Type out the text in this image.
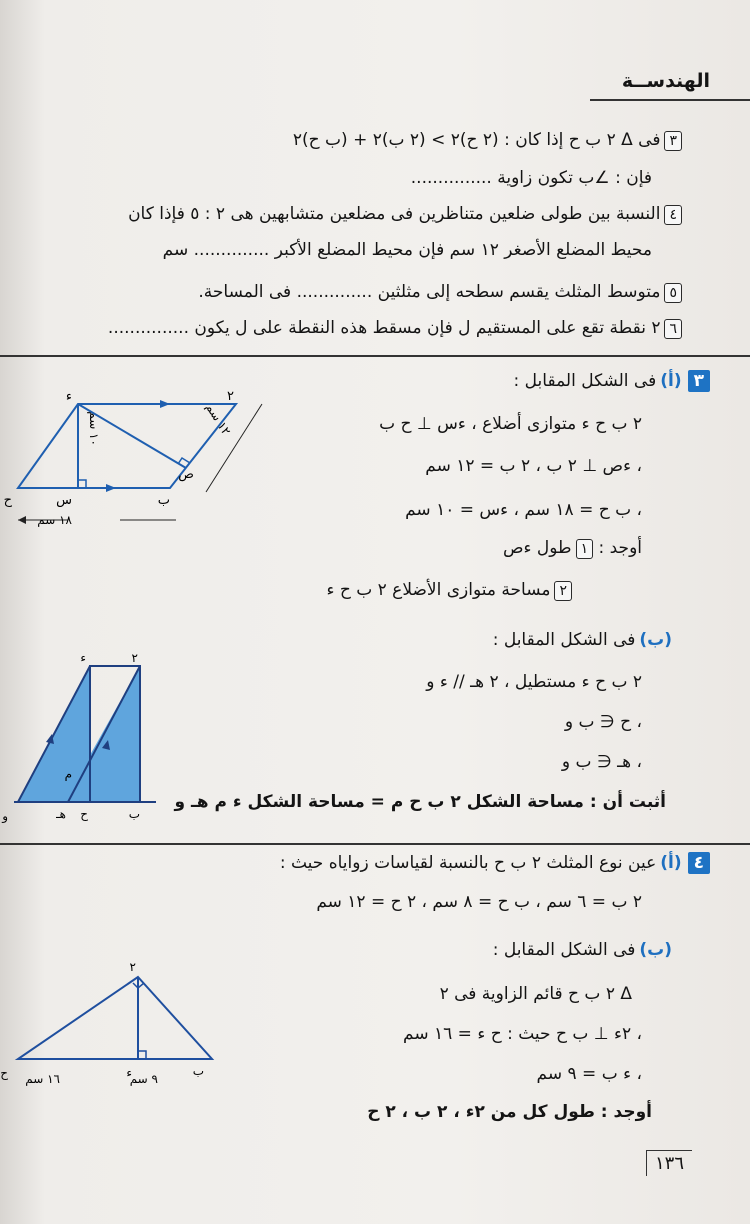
الهندســة
٣فى Δ ٢ ب ح إذا كان : (٢ ح)٢ > (٢ ب)٢ + (ب ح)٢
فإن : ∠ب تكون زاوية ...............
٤النسبة بين طولى ضلعين متناظرين فى مضلعين متشابهين هى ٢ : ٥ فإذا كان
محيط المضلع الأصغر ١٢ سم فإن محيط المضلع الأكبر .............. سم
٥متوسط المثلث يقسم سطحه إلى مثلثين .............. فى المساحة.
٦٢ نقطة تقع على المستقيم ل فإن مسقط هذه النقطة على ل يكون ...............
٣(أ)فى الشكل المقابل :
٢ ب ح ء متوازى أضلاع ، ءس ⊥ ح ب
، ءص ⊥ ٢ ب ، ٢ ب = ١٢ سم
، ب ح = ١٨ سم ، ءس = ١٠ سم
أوجد : ١طول ءص
٢مساحة متوازى الأضلاع ٢ ب ح ء
ء	٢
ح	س	ب
ص
١٠ سم
١٢ سم
١٨ سم
(ب)فى الشكل المقابل :
٢ ب ح ء مستطيل ، ٢ هـ // ء و
، ح ∈ ب و
، هـ ∈ ب و
أثبت أن : مساحة الشكل ٢ ب ح م = مساحة الشكل ء م هـ و
ء	٢
م
و	هـ ح	ب
٤(أ)عين نوع المثلث ٢ ب ح بالنسبة لقياسات زواياه حيث :
٢ ب = ٦ سم ، ب ح = ٨ سم ، ٢ ح = ١٢ سم
(ب)فى الشكل المقابل :
Δ ٢ ب ح قائم الزاوية فى ٢
، ٢ء ⊥ ب ح حيث : ح ء = ١٦ سم
، ء ب = ٩ سم
أوجد : طول كل من ٢ء ، ٢ ب ، ٢ ح
٢
ح	ء	ب
١٦ سم	٩ سم
١٣٦
